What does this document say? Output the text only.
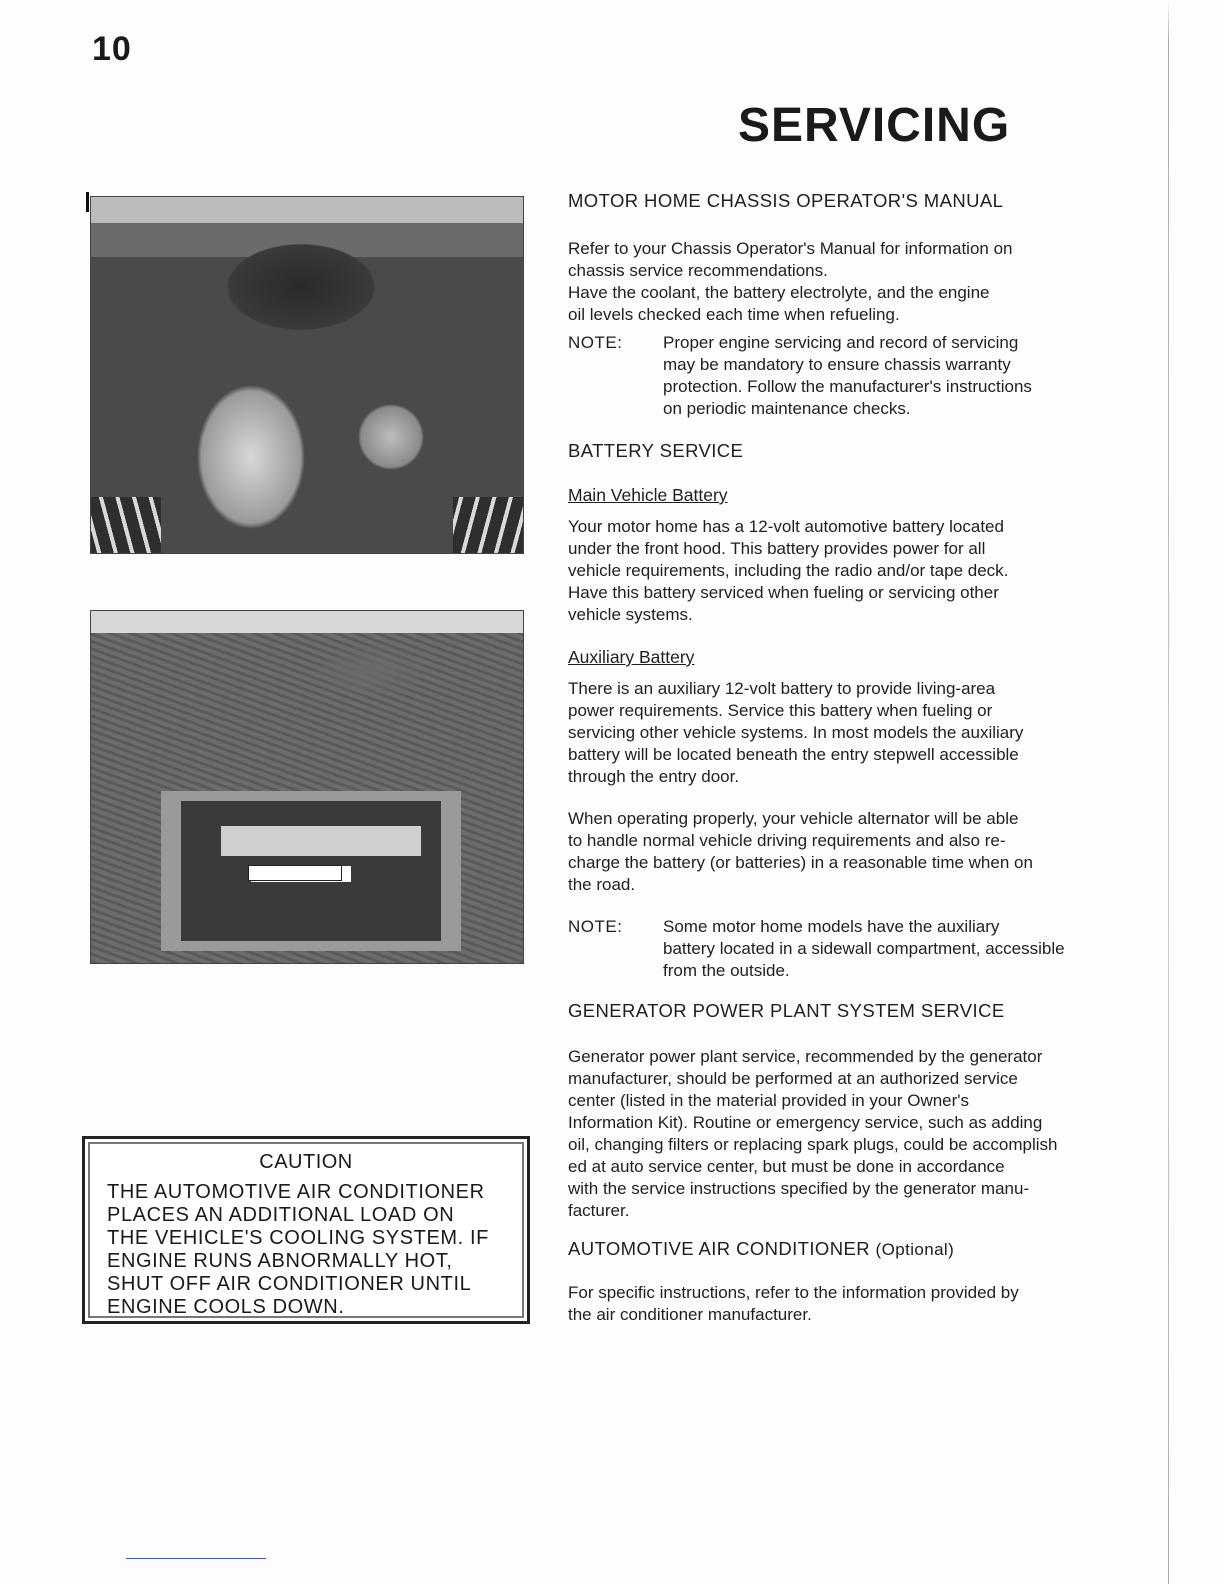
10
SERVICING
CAUTION
THE AUTOMOTIVE AIR CONDITIONER
PLACES AN ADDITIONAL LOAD ON
THE VEHICLE'S COOLING SYSTEM. IF
ENGINE RUNS ABNORMALLY HOT,
SHUT OFF AIR CONDITIONER UNTIL
ENGINE COOLS DOWN.
MOTOR HOME CHASSIS OPERATOR'S MANUAL
Refer to your Chassis Operator's Manual for information on
chassis service recommendations.
Have the coolant, the battery electrolyte, and the engine
oil levels checked each time when refueling.
NOTE:	Proper engine servicing and record of servicing
may be mandatory to ensure chassis warranty
protection. Follow the manufacturer's instructions
on periodic maintenance checks.
BATTERY SERVICE
Main Vehicle Battery
Your motor home has a 12-volt automotive battery located
under the front hood. This battery provides power for all
vehicle requirements, including the radio and/or tape deck.
Have this battery serviced when fueling or servicing other
vehicle systems.
Auxiliary Battery
There is an auxiliary 12-volt battery to provide living-area
power requirements. Service this battery when fueling or
servicing other vehicle systems. In most models the auxiliary
battery will be located beneath the entry stepwell accessible
through the entry door.
When operating properly, your vehicle alternator will be able
to handle normal vehicle driving requirements and also re-
charge the battery (or batteries) in a reasonable time when on
the road.
NOTE:	Some motor home models have the auxiliary
battery located in a sidewall compartment, accessible
from the outside.
GENERATOR POWER PLANT SYSTEM SERVICE
Generator power plant service, recommended by the generator
manufacturer, should be performed at an authorized service
center (listed in the material provided in your Owner's
Information Kit). Routine or emergency service, such as adding
oil, changing filters or replacing spark plugs, could be accomplish
ed at auto service center, but must be done in accordance
with the service instructions specified by the generator manu-
facturer.
AUTOMOTIVE AIR CONDITIONER (Optional)
For specific instructions, refer to the information provided by
the air conditioner manufacturer.
